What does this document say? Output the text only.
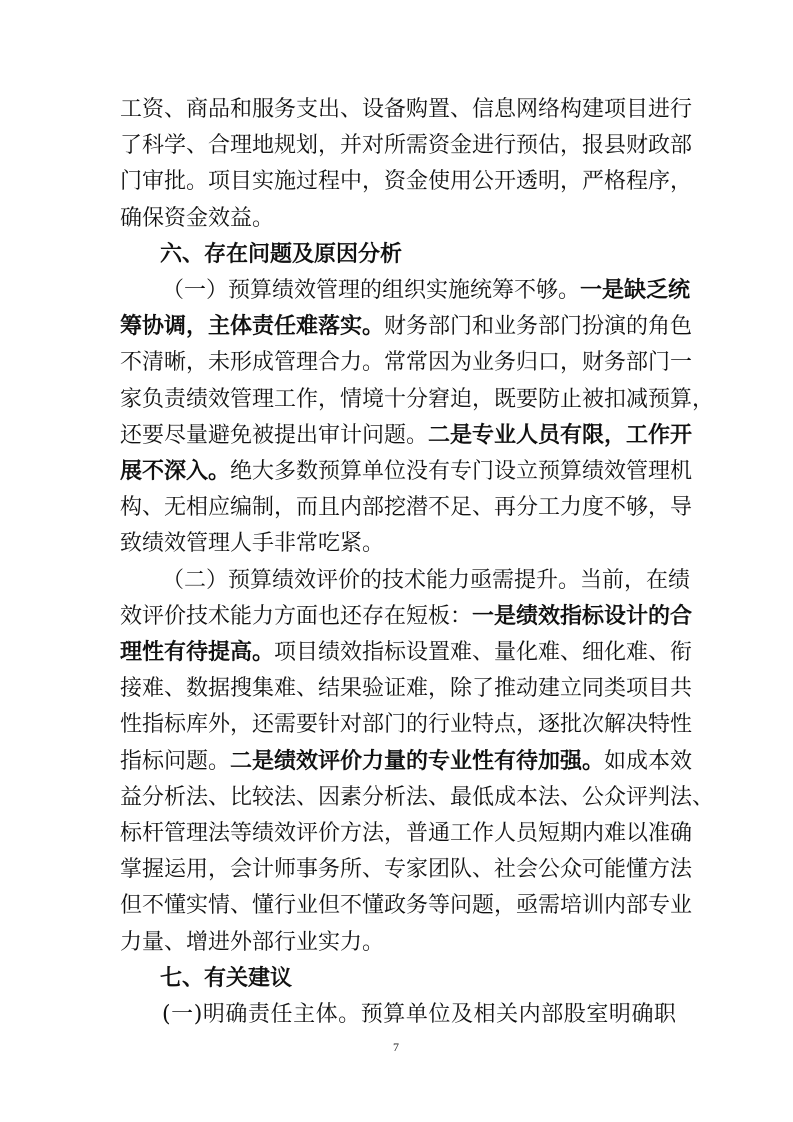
7
工资、商品和服务支出、设备购置、信息网络构建项目进行
了科学、合理地规划，并对所需资金进行预估，报县财政部
门审批。项目实施过程中，资金使用公开透明，严格程序，
确保资金效益。
六、存在问题及原因分析
（一）预算绩效管理的组织实施统筹不够。一是缺乏统
筹协调，主体责任难落实。财务部门和业务部门扮演的角色
不清晰，未形成管理合力。常常因为业务归口，财务部门一
家负责绩效管理工作，情境十分窘迫，既要防止被扣减预算，
还要尽量避免被提出审计问题。二是专业人员有限，工作开
展不深入。绝大多数预算单位没有专门设立预算绩效管理机
构、无相应编制，而且内部挖潜不足、再分工力度不够，导
致绩效管理人手非常吃紧。
（二）预算绩效评价的技术能力亟需提升。当前，在绩
效评价技术能力方面也还存在短板：一是绩效指标设计的合
理性有待提高。项目绩效指标设置难、量化难、细化难、衔
接难、数据搜集难、结果验证难，除了推动建立同类项目共
性指标库外，还需要针对部门的行业特点，逐批次解决特性
指标问题。二是绩效评价力量的专业性有待加强。如成本效
益分析法、比较法、因素分析法、最低成本法、公众评判法、
标杆管理法等绩效评价方法，普通工作人员短期内难以准确
掌握运用，会计师事务所、专家团队、社会公众可能懂方法
但不懂实情、懂行业但不懂政务等问题，亟需培训内部专业
力量、增进外部行业实力。
七、有关建议
(一)明确责任主体。预算单位及相关内部股室明确职
